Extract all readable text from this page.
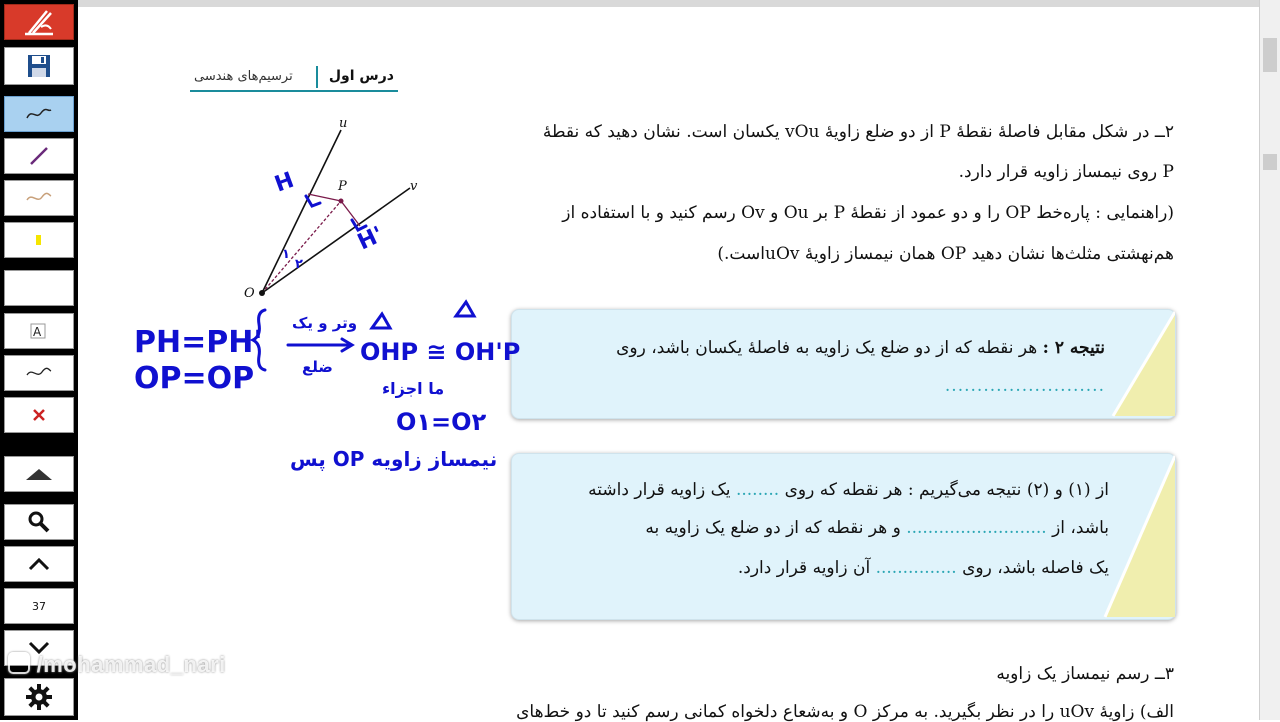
A
37
درس اول
ترسیم‌های هندسی
۲ــ در شکل مقابل فاصلهٔ نقطهٔ P از دو ضلع زاویهٔ vOu یکسان است. نشان دهید که نقطهٔ
P روی نیمساز زاویه قرار دارد.
(راهنمایی : پاره‌خط OP را و دو عمود از نقطهٔ P بر Ou و Ov رسم کنید و با استفاده از
هم‌نهشتی مثلث‌ها نشان دهید OP همان نیمساز زاویهٔ uOvاست.)
نتیجه ۲ : هر نقطه که از دو ضلع یک زاویه به فاصلهٔ یکسان باشد، روی
.........................
از (۱) و (۲) نتیجه می‌گیریم : هر نقطه که روی ........ یک زاویه قرار داشته
باشد، از .......................... و هر نقطه که از دو ضلع یک زاویه به
یک فاصله باشد، روی ............... آن زاویه قرار دارد.
۳ــ رسم نیمساز یک زاویه
الف) زاویهٔ uOv را در نظر بگیرید. به مرکز O و به‌شعاع دلخواه کمانی رسم کنید تا دو خط‌های
u
v
P
O
H
H'
۱
۲
PH=PH'
OP=OP
وتر و یک
ضلع
OHP ≅ OH'P
ما اجزاء
O۱=O۲
پس OP نیمساز زاویه
/mohammad_nari
